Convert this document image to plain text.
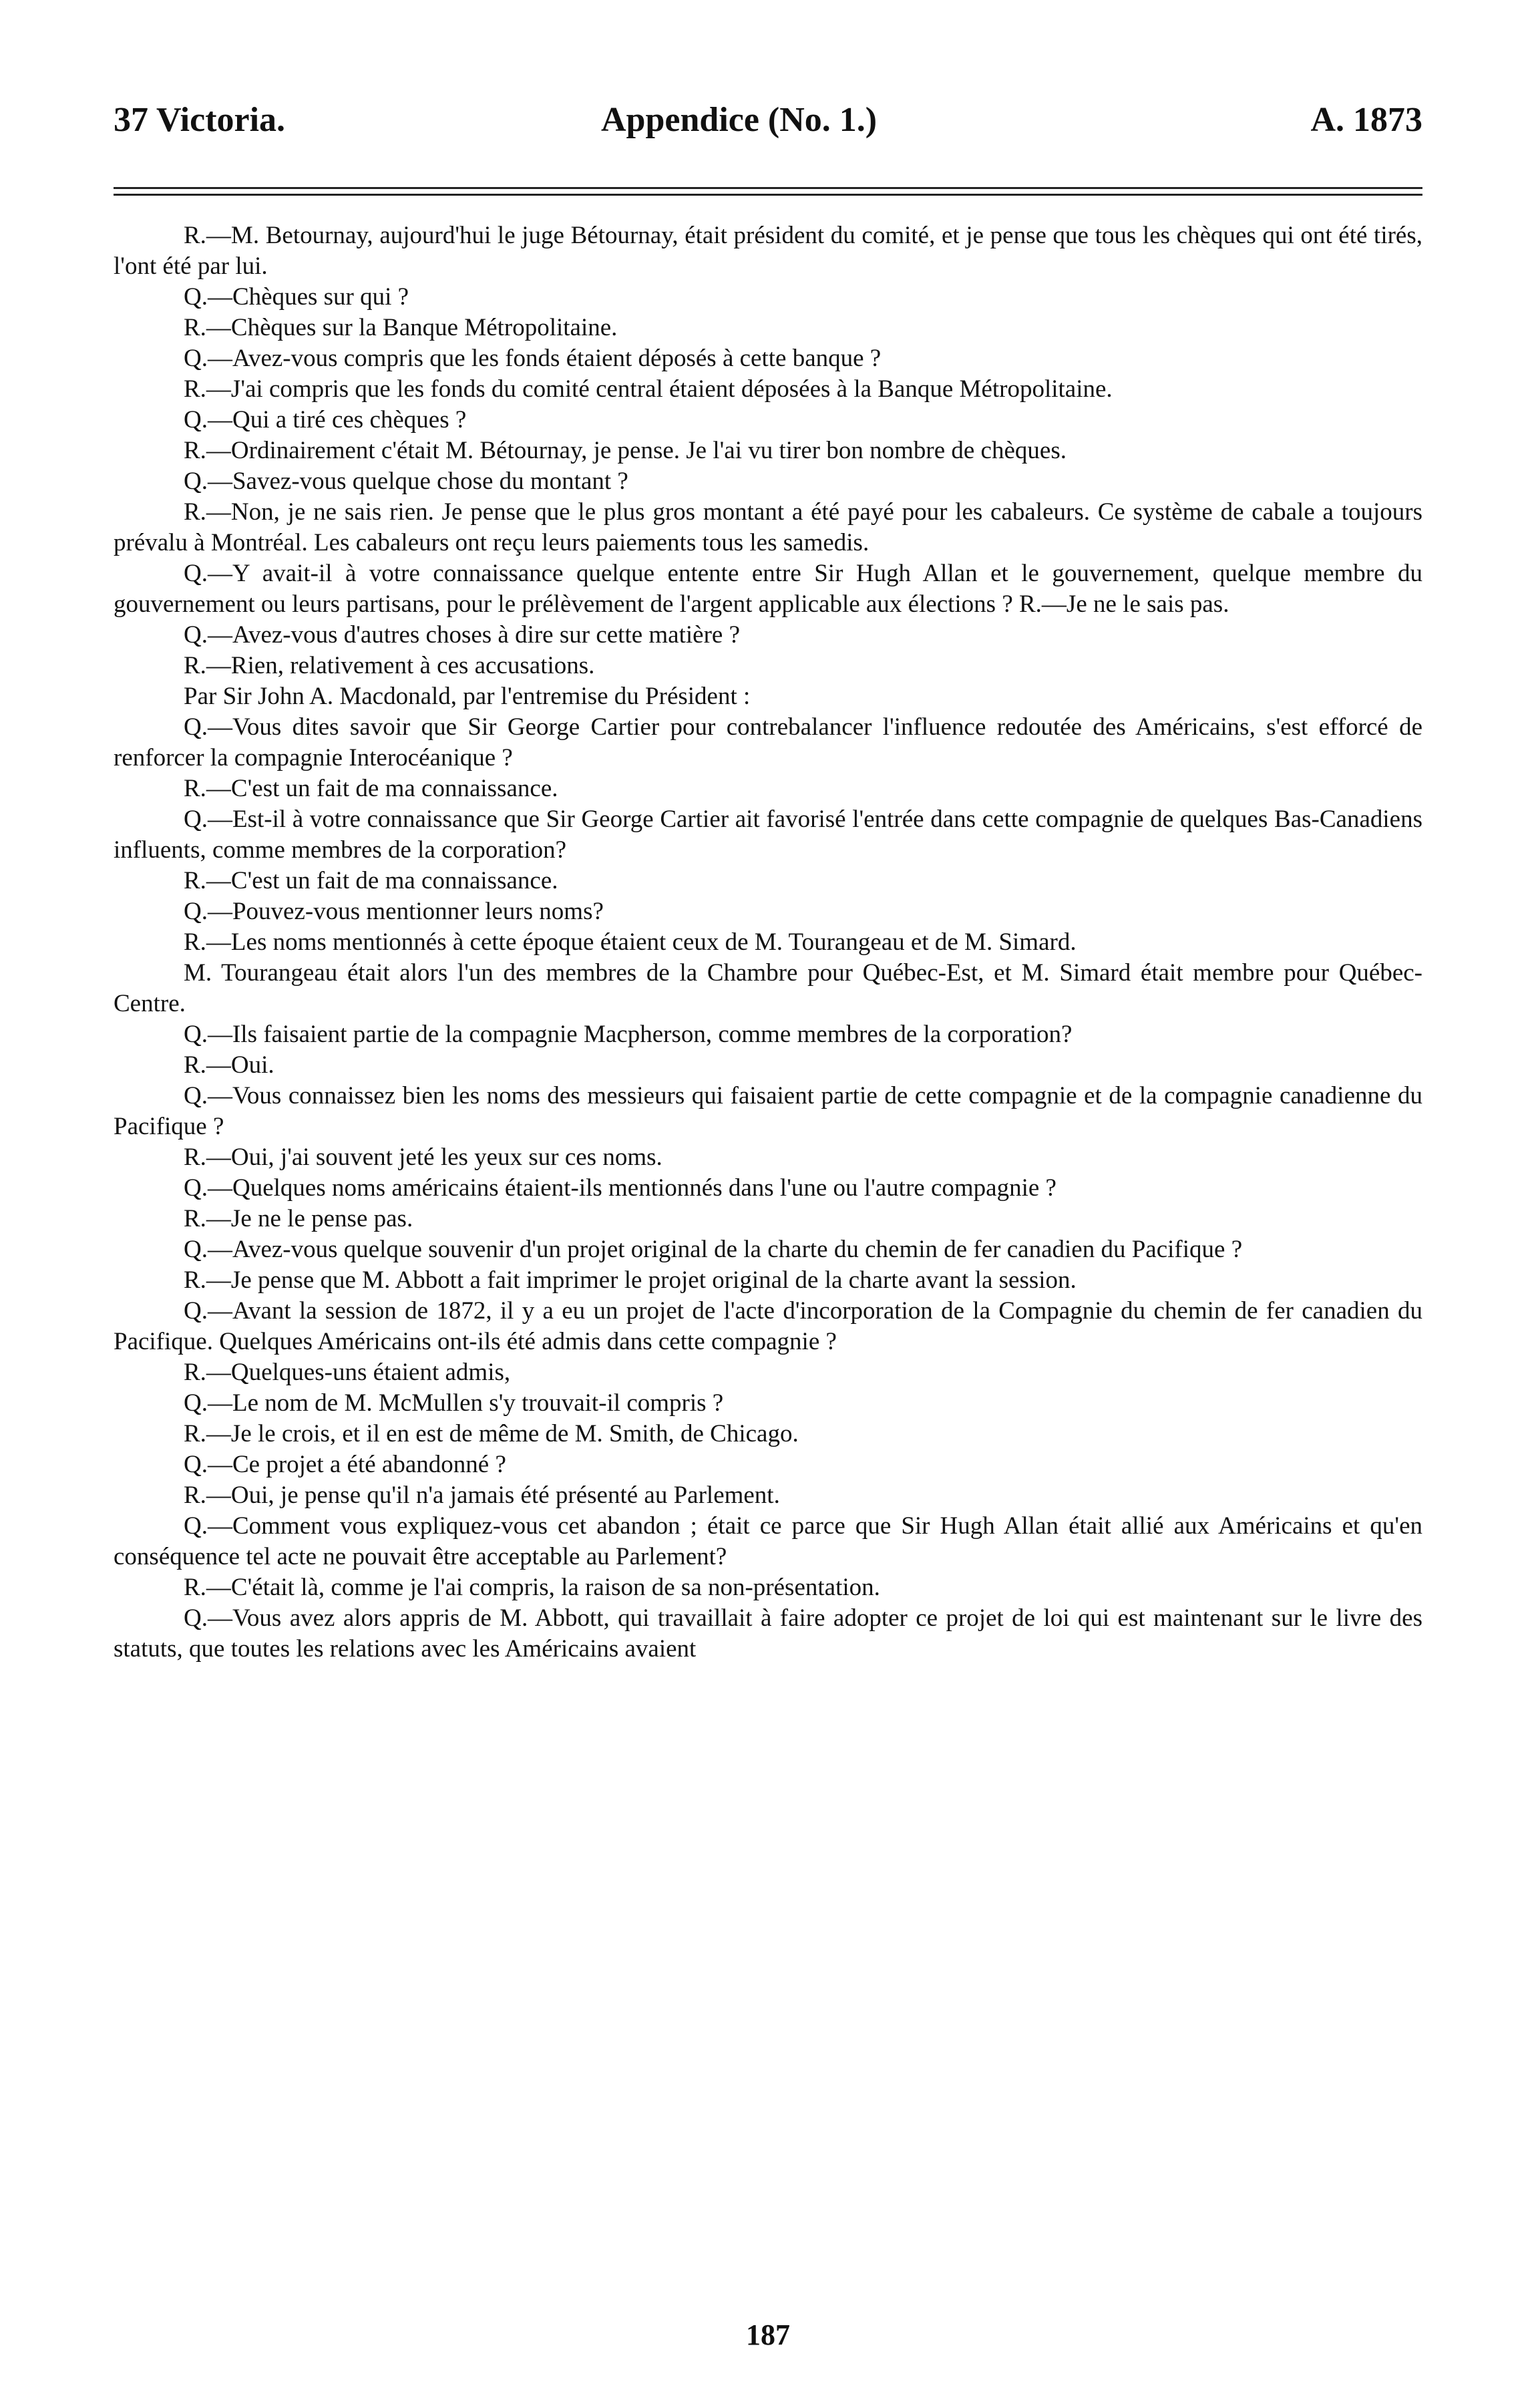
37 Victoria.	Appendice (No. 1.)	A. 1873

R.—M. Betournay, aujourd'hui le juge Bétournay, était président du comité, et je pense que tous les chèques qui ont été tirés, l'ont été par lui.

Q.—Chèques sur qui ?

R.—Chèques sur la Banque Métropolitaine.

Q.—Avez-vous compris que les fonds étaient déposés à cette banque ?

R.—J'ai compris que les fonds du comité central étaient déposées à la Banque Métropolitaine.

Q.—Qui a tiré ces chèques ?

R.—Ordinairement c'était M. Bétournay, je pense. Je l'ai vu tirer bon nombre de chèques.

Q.—Savez-vous quelque chose du montant ?

R.—Non, je ne sais rien. Je pense que le plus gros montant a été payé pour les cabaleurs. Ce système de cabale a toujours prévalu à Montréal. Les cabaleurs ont reçu leurs paiements tous les samedis.

Q.—Y avait-il à votre connaissance quelque entente entre Sir Hugh Allan et le gouvernement, quelque membre du gouvernement ou leurs partisans, pour le prélèvement de l'argent applicable aux élections ? R.—Je ne le sais pas.

Q.—Avez-vous d'autres choses à dire sur cette matière ?

R.—Rien, relativement à ces accusations.

Par Sir John A. Macdonald, par l'entremise du Président :

Q.—Vous dites savoir que Sir George Cartier pour contrebalancer l'influence redoutée des Américains, s'est efforcé de renforcer la compagnie Interocéanique ?

R.—C'est un fait de ma connaissance.

Q.—Est-il à votre connaissance que Sir George Cartier ait favorisé l'entrée dans cette compagnie de quelques Bas-Canadiens influents, comme membres de la corporation?

R.—C'est un fait de ma connaissance.

Q.—Pouvez-vous mentionner leurs noms?

R.—Les noms mentionnés à cette époque étaient ceux de M. Tourangeau et de M. Simard.

M. Tourangeau était alors l'un des membres de la Chambre pour Québec-Est, et M. Simard était membre pour Québec-Centre.

Q.—Ils faisaient partie de la compagnie Macpherson, comme membres de la corporation?

R.—Oui.

Q.—Vous connaissez bien les noms des messieurs qui faisaient partie de cette compagnie et de la compagnie canadienne du Pacifique ?

R.—Oui, j'ai souvent jeté les yeux sur ces noms.

Q.—Quelques noms américains étaient-ils mentionnés dans l'une ou l'autre compagnie ?

R.—Je ne le pense pas.

Q.—Avez-vous quelque souvenir d'un projet original de la charte du chemin de fer canadien du Pacifique ?

R.—Je pense que M. Abbott a fait imprimer le projet original de la charte avant la session.

Q.—Avant la session de 1872, il y a eu un projet de l'acte d'incorporation de la Compagnie du chemin de fer canadien du Pacifique. Quelques Américains ont-ils été admis dans cette compagnie ?

R.—Quelques-uns étaient admis,

Q.—Le nom de M. McMullen s'y trouvait-il compris ?

R.—Je le crois, et il en est de même de M. Smith, de Chicago.

Q.—Ce projet a été abandonné ?

R.—Oui, je pense qu'il n'a jamais été présenté au Parlement.

Q.—Comment vous expliquez-vous cet abandon ; était ce parce que Sir Hugh Allan était allié aux Américains et qu'en conséquence tel acte ne pouvait être acceptable au Parlement?

R.—C'était là, comme je l'ai compris, la raison de sa non-présentation.

Q.—Vous avez alors appris de M. Abbott, qui travaillait à faire adopter ce projet de loi qui est maintenant sur le livre des statuts, que toutes les relations avec les Américains avaient

187
